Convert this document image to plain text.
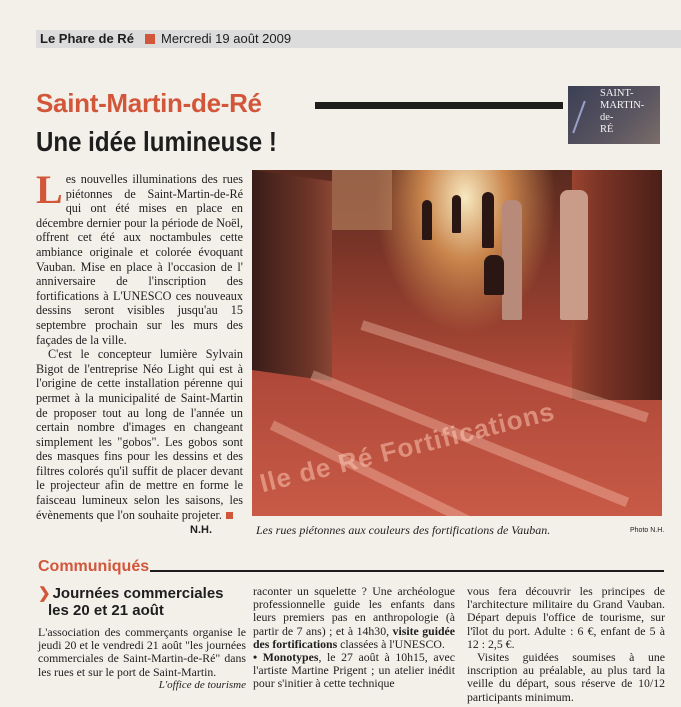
Le Phare de Ré Mercredi 19 août 2009
Saint-Martin-de-Ré	SAINT-
MARTIN-
de-
RÉ
Une idée lumineuse !

Les nouvelles illuminations des rues piétonnes de Saint-Martin-de-Ré qui ont été mises en place en décembre dernier pour la période de Noël, offrent cet été aux noctambules cette ambiance originale et colorée évoquant Vauban. Mise en place à l'occasion de l' anniversaire de l'inscription des fortifications à L'UNESCO ces nouveaux dessins seront visibles jusqu'au 15 septembre prochain sur les murs des façades de la ville.

C'est le concepteur lumière Sylvain Bigot de l'entreprise Néo Light qui est à l'origine de cette installation pérenne qui permet à la municipalité de Saint-Martin de proposer tout au long de l'année un certain nombre d'images en changeant simplement les "gobos". Les gobos sont des masques fins pour les dessins et des filtres colorés qu'il suffit de placer devant le projecteur afin de mettre en forme le faisceau lumineux selon les saisons, les évènements que l'on souhaite projeter.

N.H.
Ile de Ré Fortifications
Les rues piétonnes aux couleurs des fortifications de Vauban.	Photo N.H.
Communiqués
❯ Journées commerciales
les 20 et 21 août
L'association des commerçants organise le jeudi 20 et le vendredi 21 août "les journées commerciales de Saint-Martin-de-Ré" dans les rues et sur le port de Saint-Martin.
L'office de tourisme
raconter un squelette ? Une archéologue professionnelle guide les enfants dans leurs premiers pas en anthropologie (à partir de 7 ans) ; et à 14h30, visite guidée des fortifications classées à l'UNESCO.
• Monotypes, le 27 août à 10h15, avec l'artiste Martine Prigent ; un atelier inédit pour s'initier à cette technique
vous fera découvrir les principes de l'architecture militaire du Grand Vauban. Départ depuis l'office de tourisme, sur l'îlot du port. Adulte : 6 €, enfant de 5 à 12 : 2,5 €.
Visites guidées soumises à une inscription au préalable, au plus tard la veille du départ, sous réserve de 10/12 participants minimum.
